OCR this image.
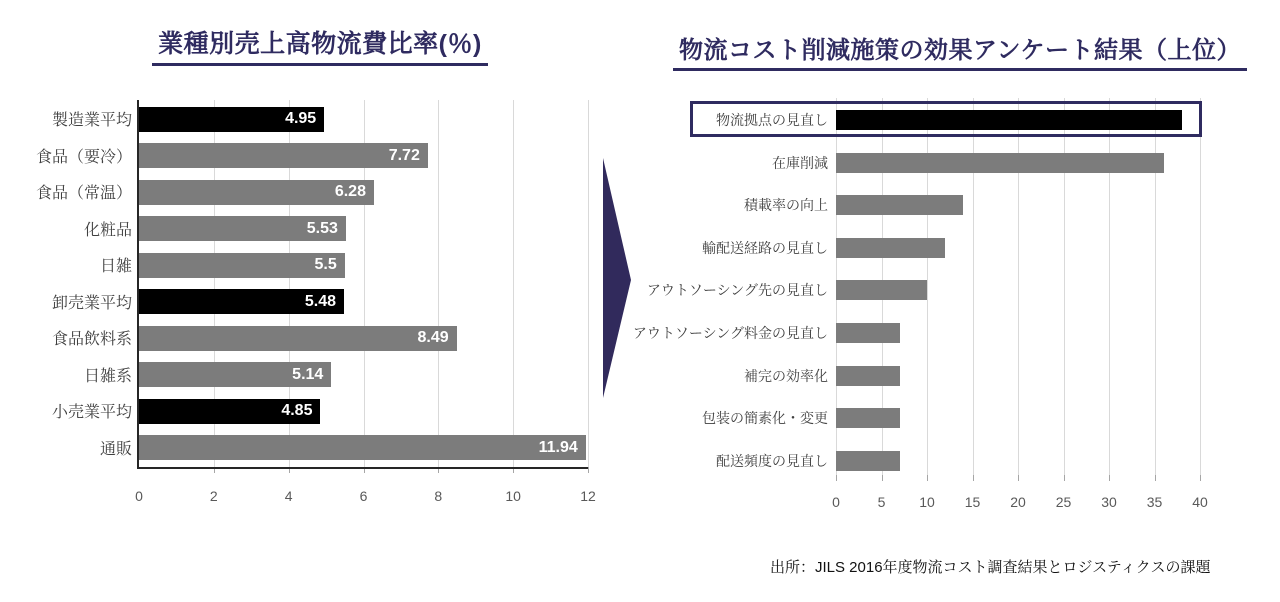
業種別売上高物流費比率(％)	物流コスト削減施策の効果アンケート結果（上位）
0	2	4	6	8	10	12
製造業平均	4.95
食品（要冷）	7.72
食品（常温）	6.28
化粧品	5.53
日雑	5.5
卸売業平均	5.48
食品飲料系	8.49
日雑系	5.14
小売業平均	4.85
通販	11.94
0	5	10	15	20	25	30	35	40
物流拠点の見直し
在庫削減
積載率の向上
輸配送経路の見直し
アウトソーシング先の見直し
アウトソーシング料金の見直し
補完の効率化
包装の簡素化・変更
配送頻度の見直し
出所：JILS 2016年度物流コスト調査結果とロジスティクスの課題
